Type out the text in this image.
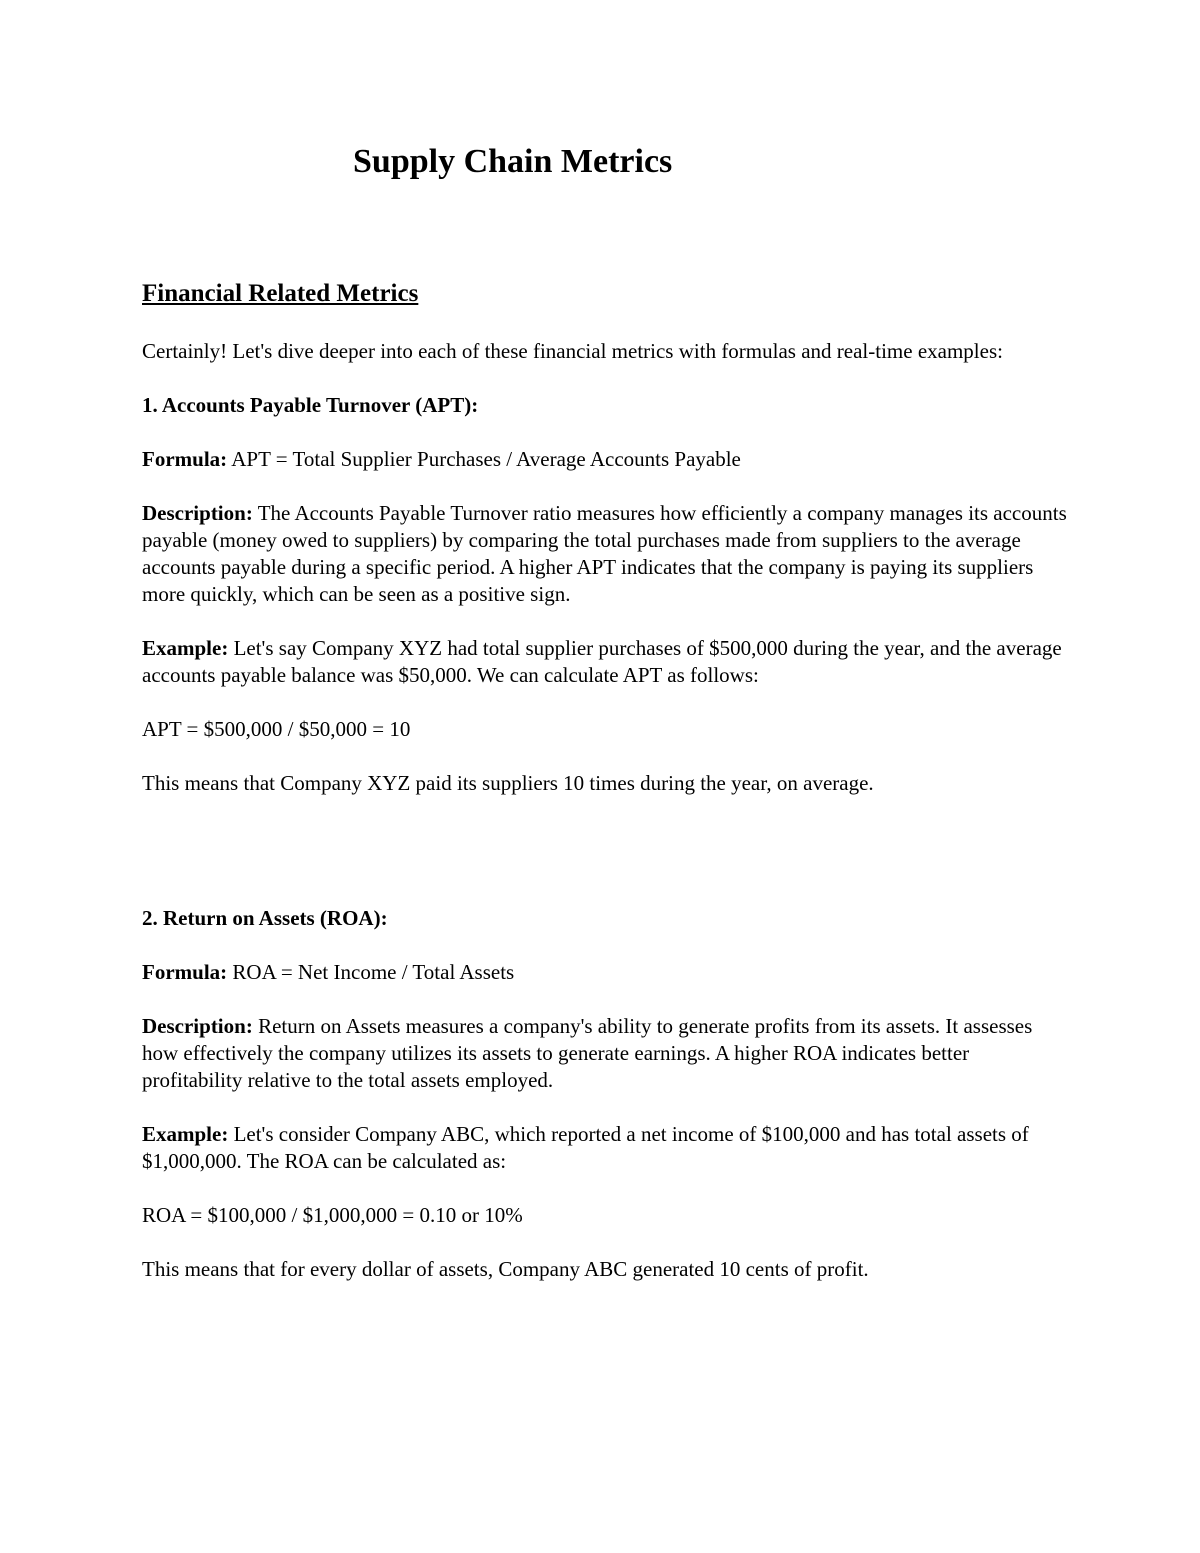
Supply Chain Metrics
Financial Related Metrics

Certainly! Let's dive deeper into each of these financial metrics with formulas and real-time examples:

1. Accounts Payable Turnover (APT):

Formula: APT = Total Supplier Purchases / Average Accounts Payable

Description: The Accounts Payable Turnover ratio measures how efficiently a company manages its accounts payable (money owed to suppliers) by comparing the total purchases made from suppliers to the average accounts payable during a specific period. A higher APT indicates that the company is paying its suppliers more quickly, which can be seen as a positive sign.

Example: Let's say Company XYZ had total supplier purchases of $500,000 during the year, and the average accounts payable balance was $50,000. We can calculate APT as follows:

APT = $500,000 / $50,000 = 10

This means that Company XYZ paid its suppliers 10 times during the year, on average.

2. Return on Assets (ROA):

Formula: ROA = Net Income / Total Assets

Description: Return on Assets measures a company's ability to generate profits from its assets. It assesses how effectively the company utilizes its assets to generate earnings. A higher ROA indicates better profitability relative to the total assets employed.

Example: Let's consider Company ABC, which reported a net income of $100,000 and has total assets of $1,000,000. The ROA can be calculated as:

ROA = $100,000 / $1,000,000 = 0.10 or 10%

This means that for every dollar of assets, Company ABC generated 10 cents of profit.
